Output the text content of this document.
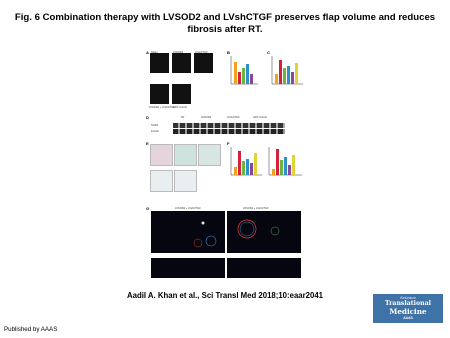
Fig. 6 Combination therapy with LVSOD2 and LVshCTGF preserves flap volume and reduces
fibrosis after RT.
A Sham	LVSOD2	LVshCTGF
LVSOD2 + LVshCTGF
GFP control
B	C
D	NT	LVSOD2	LVshCTGF	GFP control
SOD2
β-Actin
E	F
G	LVSOD2 + LVshCTGF	LVSOD2 + LVshCTGF
Aadil A. Khan et al., Sci Transl Med 2018;10:eaar2041	Science
Translational
Medicine
AAAS
Published by AAAS
